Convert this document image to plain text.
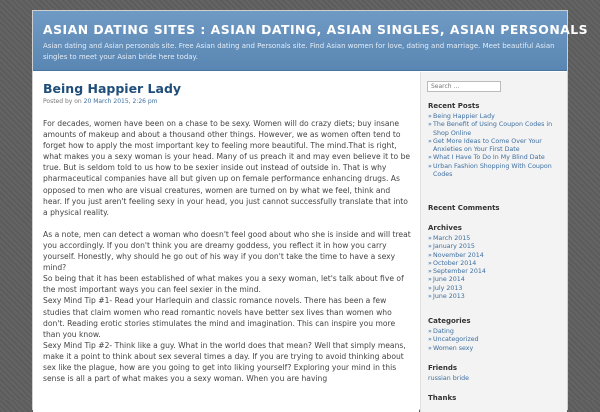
ASIAN DATING SITES : ASIAN DATING, ASIAN SINGLES, ASIAN PERSONALS
Asian dating and Asian personals site. Free Asian dating and Personals site. Find Asian women for love, dating and marriage. Meet beautiful Asian singles to meet your Asian bride here today.
Being Happier Lady
Posted by on 20 March 2015, 2:26 pm

For decades, women have been on a chase to be sexy. Women will do crazy diets; buy insane amounts of makeup and about a thousand other things. However, we as women often tend to forget how to apply the most important key to feeling more beautiful. The mind.That is right, what makes you a sexy woman is your head. Many of us preach it and may even believe it to be true. But is seldom told to us how to be sexier inside out instead of outside in. That is why pharmaceutical companies have all but given up on female performance enhancing drugs. As opposed to men who are visual creatures, women are turned on by what we feel, think and hear. If you just aren't feeling sexy in your head, you just cannot successfully translate that into a physical reality.

As a note, men can detect a woman who doesn't feel good about who she is inside and will treat you accordingly. If you don't think you are dreamy goddess, you reflect it in how you carry yourself. Honestly, why should he go out of his way if you don't take the time to have a sexy mind?

So being that it has been established of what makes you a sexy woman, let's talk about five of the most important ways you can feel sexier in the mind.

Sexy Mind Tip #1- Read your Harlequin and classic romance novels. There has been a few studies that claim women who read romantic novels have better sex lives than women who don't. Reading erotic stories stimulates the mind and imagination. This can inspire you more than you know.

Sexy Mind Tip #2- Think like a guy. What in the world does that mean? Well that simply means, make it a point to think about sex several times a day. If you are trying to avoid thinking about sex like the plague, how are you going to get into liking yourself? Exploring your mind in this sense is all a part of what makes you a sexy woman. When you are having

Search ...
Recent Posts
» Being Happier Lady
» The Benefit of Using Coupon Codes in Shop Online
» Get More Ideas to Come Over Your Anxieties on Your First Date
» What I Have To Do In My Blind Date
» Urban Fashion Shopping With Coupon Codes
Recent Comments
Archives
» March 2015
» January 2015
» November 2014
» October 2014
» September 2014
» June 2014
» July 2013
» June 2013
Categories
» Dating
» Uncategorized
» Women sexy
Friends
russian bride
Thanks
